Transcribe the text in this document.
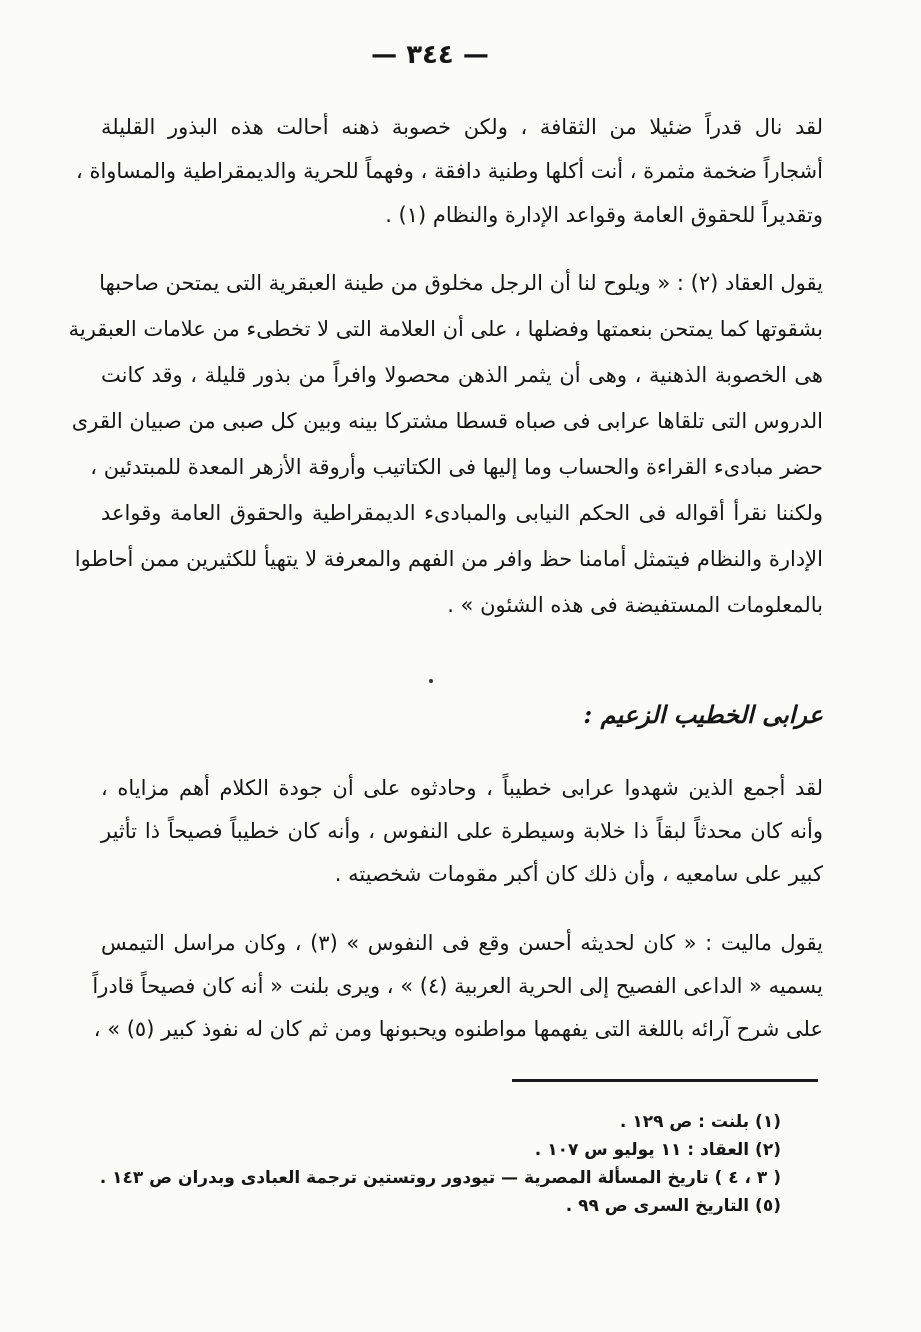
— ٣٤٤ —
لقد نال قدراً ضئيلا من الثقافة ، ولكن خصوبة ذهنه أحالت هذه البذور القليلة
أشجاراً ضخمة مثمرة ، أنت أكلها وطنية دافقة ، وفهماً للحرية والديمقراطية والمساواة ،
وتقديراً للحقوق العامة وقواعد الإدارة والنظام (١) .
يقول العقاد (٢) : « ويلوح لنا أن الرجل مخلوق من طينة العبقرية التى يمتحن صاحبها
بشقوتها كما يمتحن بنعمتها وفضلها ، على أن العلامة التى لا تخطىء من علامات العبقرية
هى الخصوبة الذهنية ، وهى أن يثمر الذهن محصولا وافراً من بذور قليلة ، وقد كانت
الدروس التى تلقاها عرابى فى صباه قسطا مشتركا بينه وبين كل صبى من صبيان القرى
حضر مبادىء القراءة والحساب وما إليها فى الكتاتيب وأروقة الأزهر المعدة للمبتدئين ،
ولكننا نقرأ أقواله فى الحكم النيابى والمبادىء الديمقراطية والحقوق العامة وقواعد
الإدارة والنظام فيتمثل أمامنا حظ وافر من الفهم والمعرفة لا يتهيأ للكثيرين ممن أحاطوا
بالمعلومات المستفيضة فى هذه الشئون » .
عرابى الخطيب الزعيم :
لقد أجمع الذين شهدوا عرابى خطيباً ، وحادثوه على أن جودة الكلام أهم مزاياه ،
وأنه كان محدثاً لبقاً ذا خلابة وسيطرة على النفوس ، وأنه كان خطيباً فصيحاً ذا تأثير
كبير على سامعيه ، وأن ذلك كان أكبر مقومات شخصيته .
يقول ماليت : « كان لحديثه أحسن وقع فى النفوس » (٣) ، وكان مراسل التيمس
يسميه « الداعى الفصيح إلى الحرية العربية (٤) » ، ويرى بلنت « أنه كان فصيحاً قادراً
على شرح آرائه باللغة التى يفهمها مواطنوه ويحبونها ومن ثم كان له نفوذ كبير (٥) » ،
(١) بلنت : ص ١٢٩ .
(٢) العقاد : ١١ يوليو س ١٠٧ .
( ٣ ، ٤ ) تاريخ المسألة المصرية — تيودور روتستين ترجمة العبادى وبدران ص ١٤٣ .
(٥) التاريخ السرى ص ٩٩ .
